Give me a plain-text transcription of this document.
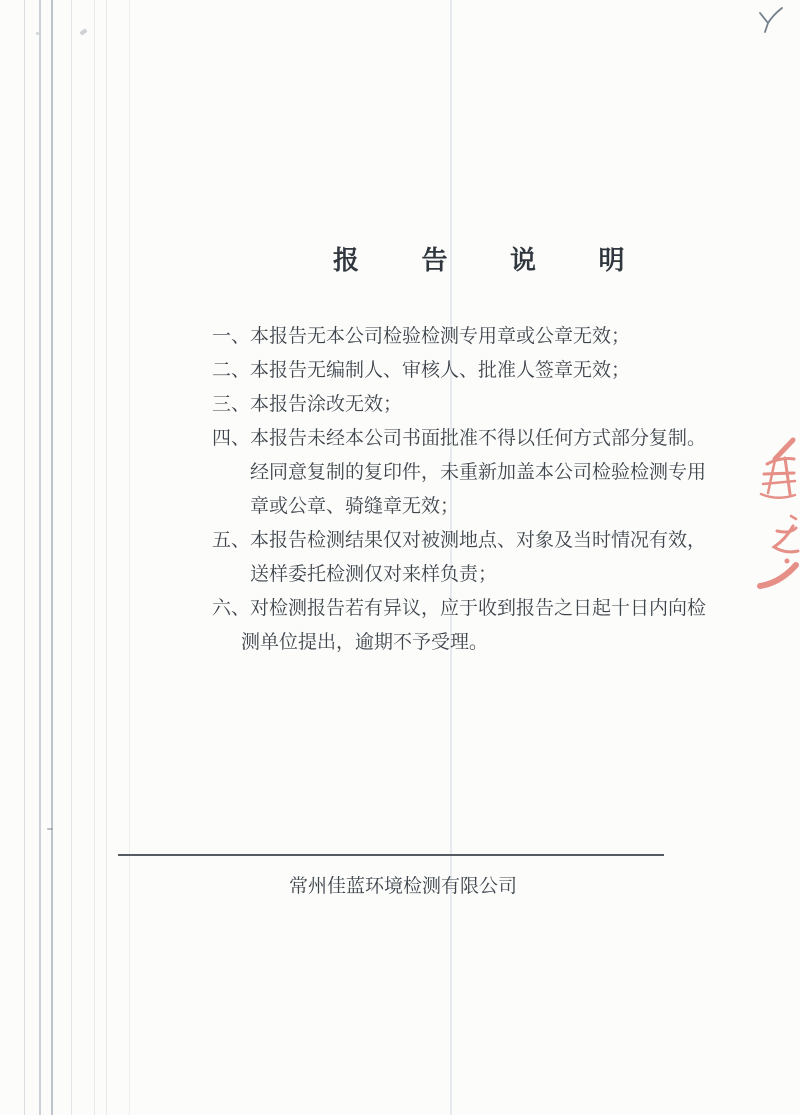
报 告 说 明
一、 本报告无本公司检验检测专用章或公章无效；
二、 本报告无编制人、审核人、批准人签章无效；
三、 本报告涂改无效；
四、 本报告未经本公司书面批准不得以任何方式部分复制。
经同意复制的复印件，未重新加盖本公司检验检测专用
章或公章、骑缝章无效；
五、 本报告检测结果仅对被测地点、对象及当时情况有效，
送样委托检测仅对来样负责；
六、 对检测报告若有异议，应于收到报告之日起十日内向检
测单位提出，逾期不予受理。
常州佳蓝环境检测有限公司
